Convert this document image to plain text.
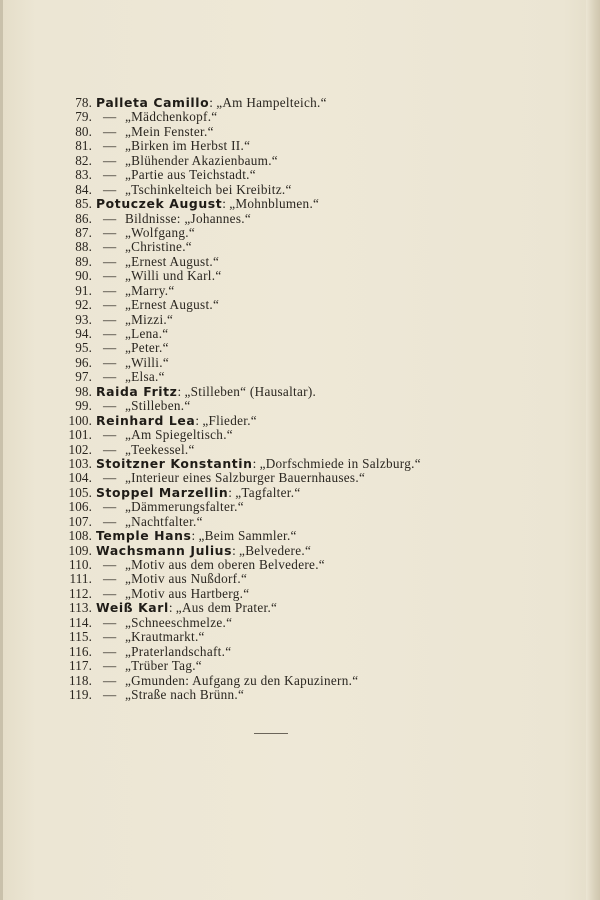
78. Palleta Camillo: „Am Hampelteich.“
79. — „Mädchenkopf.“
80. — „Mein Fenster.“
81. — „Birken im Herbst II.“
82. — „Blühender Akazienbaum.“
83. — „Partie aus Teichstadt.“
84. — „Tschinkelteich bei Kreibitz.“
85. Potuczek August: „Mohnblumen.“
86. — Bildnisse: „Johannes.“
87. — „Wolfgang.“
88. — „Christine.“
89. — „Ernest August.“
90. — „Willi und Karl.“
91. — „Marry.“
92. — „Ernest August.“
93. — „Mizzi.“
94. — „Lena.“
95. — „Peter.“
96. — „Willi.“
97. — „Elsa.“
98. Raida Fritz: „Stilleben“ (Hausaltar).
99. — „Stilleben.“
100. Reinhard Lea: „Flieder.“
101. — „Am Spiegeltisch.“
102. — „Teekessel.“
103. Stoitzner Konstantin: „Dorfschmiede in Salzburg.“
104. — „Interieur eines Salzburger Bauernhauses.“
105. Stoppel Marzellin: „Tagfalter.“
106. — „Dämmerungsfalter.“
107. — „Nachtfalter.“
108. Temple Hans: „Beim Sammler.“
109. Wachsmann Julius: „Belvedere.“
110. — „Motiv aus dem oberen Belvedere.“
111. — „Motiv aus Nußdorf.“
112. — „Motiv aus Hartberg.“
113. Weiß Karl: „Aus dem Prater.“
114. — „Schneeschmelze.“
115. — „Krautmarkt.“
116. — „Praterlandschaft.“
117. — „Trüber Tag.“
118. — „Gmunden: Aufgang zu den Kapuzinern.“
119. — „Straße nach Brünn.“
